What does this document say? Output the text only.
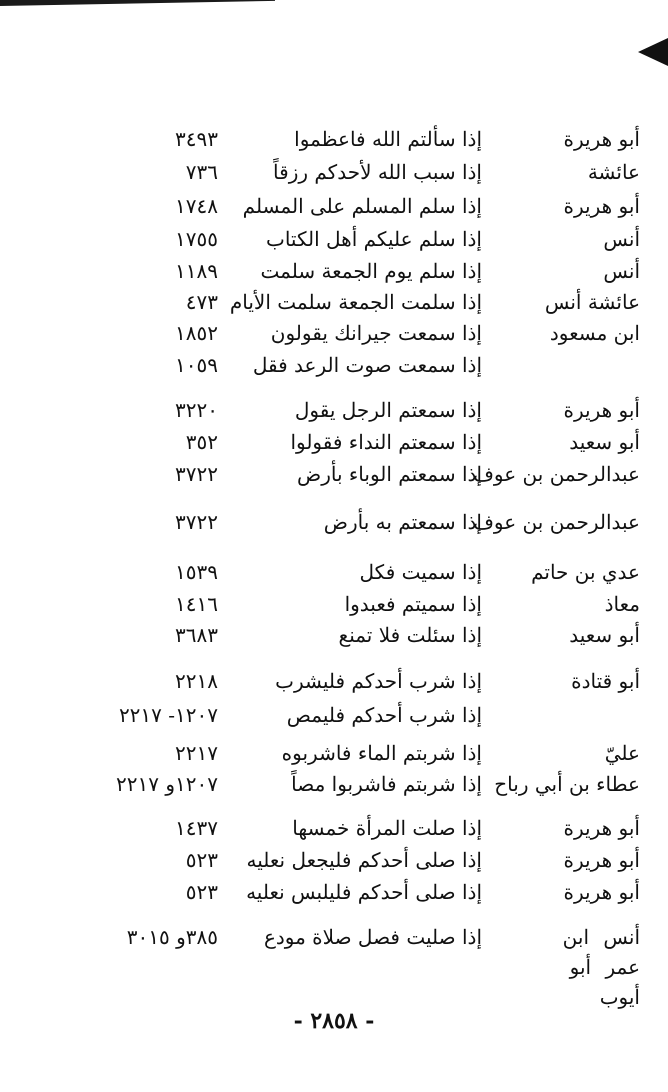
أبو هريرة
إذا سألتم الله فاعظموا
٣٤٩٣
عائشة
إذا سبب الله لأحدكم رزقاً
٧٣٦
أبو هريرة
إذا سلم المسلم على المسلم
١٧٤٨
أنس
إذا سلم عليكم أهل الكتاب
١٧٥٥
أنس
إذا سلم يوم الجمعة سلمت
١١٨٩
عائشة أنس
إذا سلمت الجمعة سلمت الأيام
٤٧٣
ابن مسعود
إذا سمعت جيرانك يقولون
١٨٥٢
إذا سمعت صوت الرعد فقل
١٠٥٩
أبو هريرة
إذا سمعتم الرجل يقول
٣٢٢٠
أبو سعيد
إذا سمعتم النداء فقولوا
٣٥٢
عبدالرحمن بن عوف
إذا سمعتم الوباء بأرض
٣٧٢٢
عبدالرحمن بن عوف
إذا سمعتم به بأرض
٣٧٢٢
عدي بن حاتم
إذا سميت فكل
١٥٣٩
معاذ
إذا سميتم فعبدوا
١٤١٦
أبو سعيد
إذا سئلت فلا تمنع
٣٦٨٣
أبو قتادة
إذا شرب أحدكم فليشرب
٢٢١٨
إذا شرب أحدكم فليمص
١٢٠٧- ٢٢١٧
عليّ
إذا شربتم الماء فاشربوه
٢٢١٧
عطاء بن أبي رباح
إذا شربتم فاشربوا مصاً
١٢٠٧و ٢٢١٧
أبو هريرة
إذا صلت المرأة خمسها
١٤٣٧
أبو هريرة
إذا صلى أحدكم فليجعل نعليه
٥٢٣
أبو هريرة
إذا صلى أحدكم فليلبس نعليه
٥٢٣
أنس ابن عمر أبو أيوب
إذا صليت فصل صلاة مودع
٣٨٥و ٣٠١٥
- ٢٨٥٨ -
